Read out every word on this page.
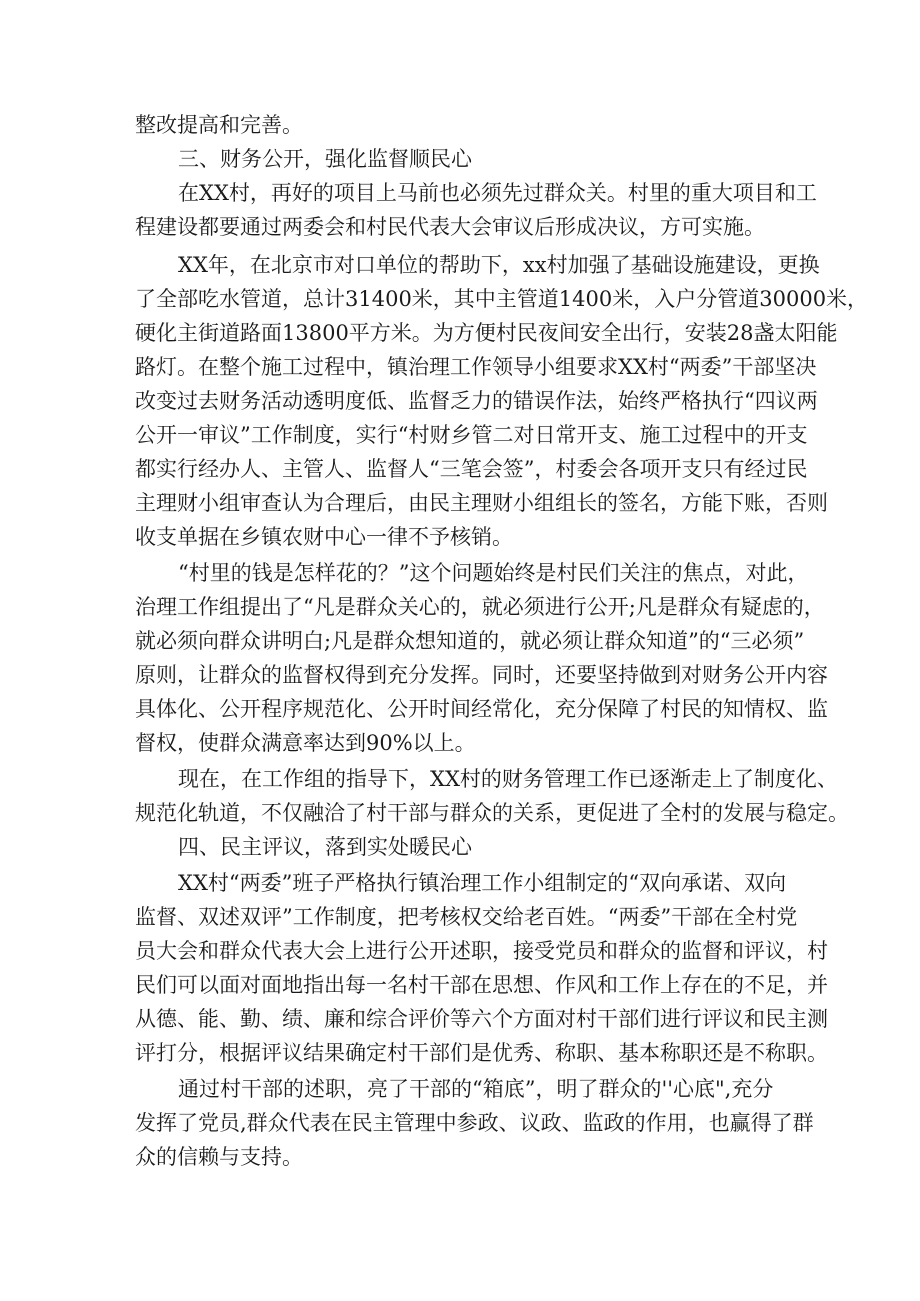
整改提高和完善。
三、财务公开，强化监督顺民心
在XX村，再好的项目上马前也必须先过群众关。村里的重大项目和工
程建设都要通过两委会和村民代表大会审议后形成决议，方可实施。
XX年，在北京市对口单位的帮助下，xx村加强了基础设施建设，更换
了全部吃水管道，总计31400米，其中主管道1400米，入户分管道30000米，
硬化主街道路面13800平方米。为方便村民夜间安全出行，安装28盏太阳能
路灯。在整个施工过程中，镇治理工作领导小组要求XX村“两委”干部坚决
改变过去财务活动透明度低、监督乏力的错误作法，始终严格执行“四议两
公开一审议”工作制度，实行“村财乡管二对日常开支、施工过程中的开支
都实行经办人、主管人、监督人“三笔会签”，村委会各项开支只有经过民
主理财小组审查认为合理后，由民主理财小组组长的签名，方能下账，否则
收支单据在乡镇农财中心一律不予核销。
“村里的钱是怎样花的？”这个问题始终是村民们关注的焦点，对此，
治理工作组提出了“凡是群众关心的，就必须进行公开;凡是群众有疑虑的，
就必须向群众讲明白;凡是群众想知道的，就必须让群众知道”的“三必须”
原则，让群众的监督权得到充分发挥。同时，还要坚持做到对财务公开内容
具体化、公开程序规范化、公开时间经常化，充分保障了村民的知情权、监
督权，使群众满意率达到90%以上。
现在，在工作组的指导下，XX村的财务管理工作已逐渐走上了制度化、
规范化轨道，不仅融洽了村干部与群众的关系，更促进了全村的发展与稳定。
四、民主评议，落到实处暖民心
XX村“两委”班子严格执行镇治理工作小组制定的“双向承诺、双向
监督、双述双评”工作制度，把考核权交给老百姓。“两委”干部在全村党
员大会和群众代表大会上进行公开述职，接受党员和群众的监督和评议，村
民们可以面对面地指出每一名村干部在思想、作风和工作上存在的不足，并
从德、能、勤、绩、廉和综合评价等六个方面对村干部们进行评议和民主测
评打分，根据评议结果确定村干部们是优秀、称职、基本称职还是不称职。
通过村干部的述职，亮了干部的“箱底”，明了群众的''心底",充分
发挥了党员,群众代表在民主管理中参政、议政、监政的作用，也赢得了群
众的信赖与支持。
